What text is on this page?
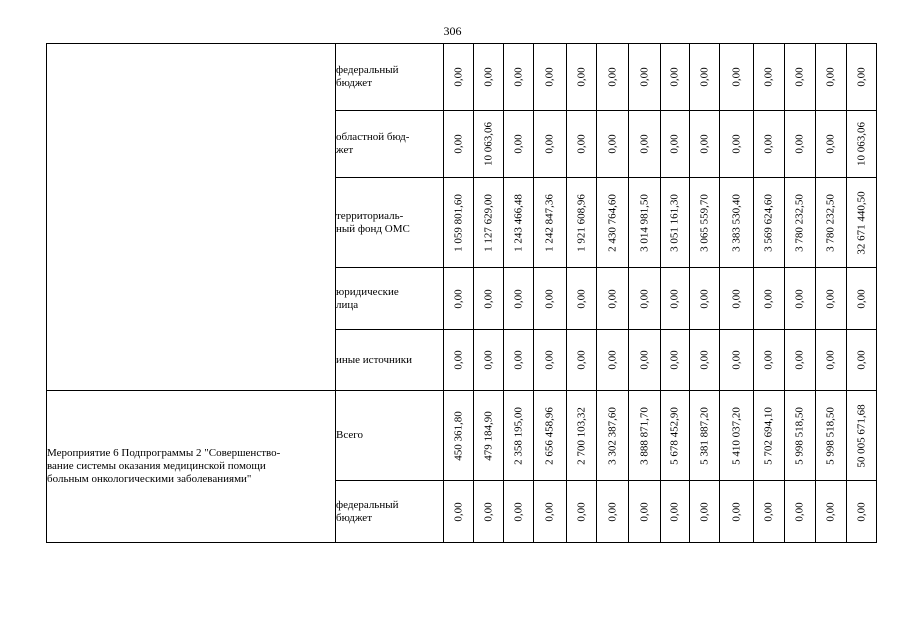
306

	федеральный
бюджет	0,00	0,00	0,00	0,00	0,00	0,00	0,00	0,00	0,00	0,00	0,00	0,00	0,00	0,00

	областной бюд-
жет	0,00	10 063,06	0,00	0,00	0,00	0,00	0,00	0,00	0,00	0,00	0,00	0,00	0,00	10 063,06

	территориаль-
ный фонд ОМС	1 059 801,60	1 127 629,00	1 243 466,48	1 242 847,36	1 921 608,96	2 430 764,60	3 014 981,50	3 051 161,30	3 065 559,70	3 383 530,40	3 569 624,60	3 780 232,50	3 780 232,50	32 671 440,50

	юридические
лица	0,00	0,00	0,00	0,00	0,00	0,00	0,00	0,00	0,00	0,00	0,00	0,00	0,00	0,00

	иные источники	0,00	0,00	0,00	0,00	0,00	0,00	0,00	0,00	0,00	0,00	0,00	0,00	0,00	0,00

Мероприятие 6 Подпрограммы 2 "Совершенство-
вание системы оказания медицинской помощи
больным онкологическими заболеваниями"	Всего	450 361,80	479 184,90	2 358 195,00	2 656 458,96	2 700 103,32	3 302 387,60	3 888 871,70	5 678 452,90	5 381 887,20	5 410 037,20	5 702 694,10	5 998 518,50	5 998 518,50	50 005 671,68

	федеральный
бюджет	0,00	0,00	0,00	0,00	0,00	0,00	0,00	0,00	0,00	0,00	0,00	0,00	0,00	0,00
